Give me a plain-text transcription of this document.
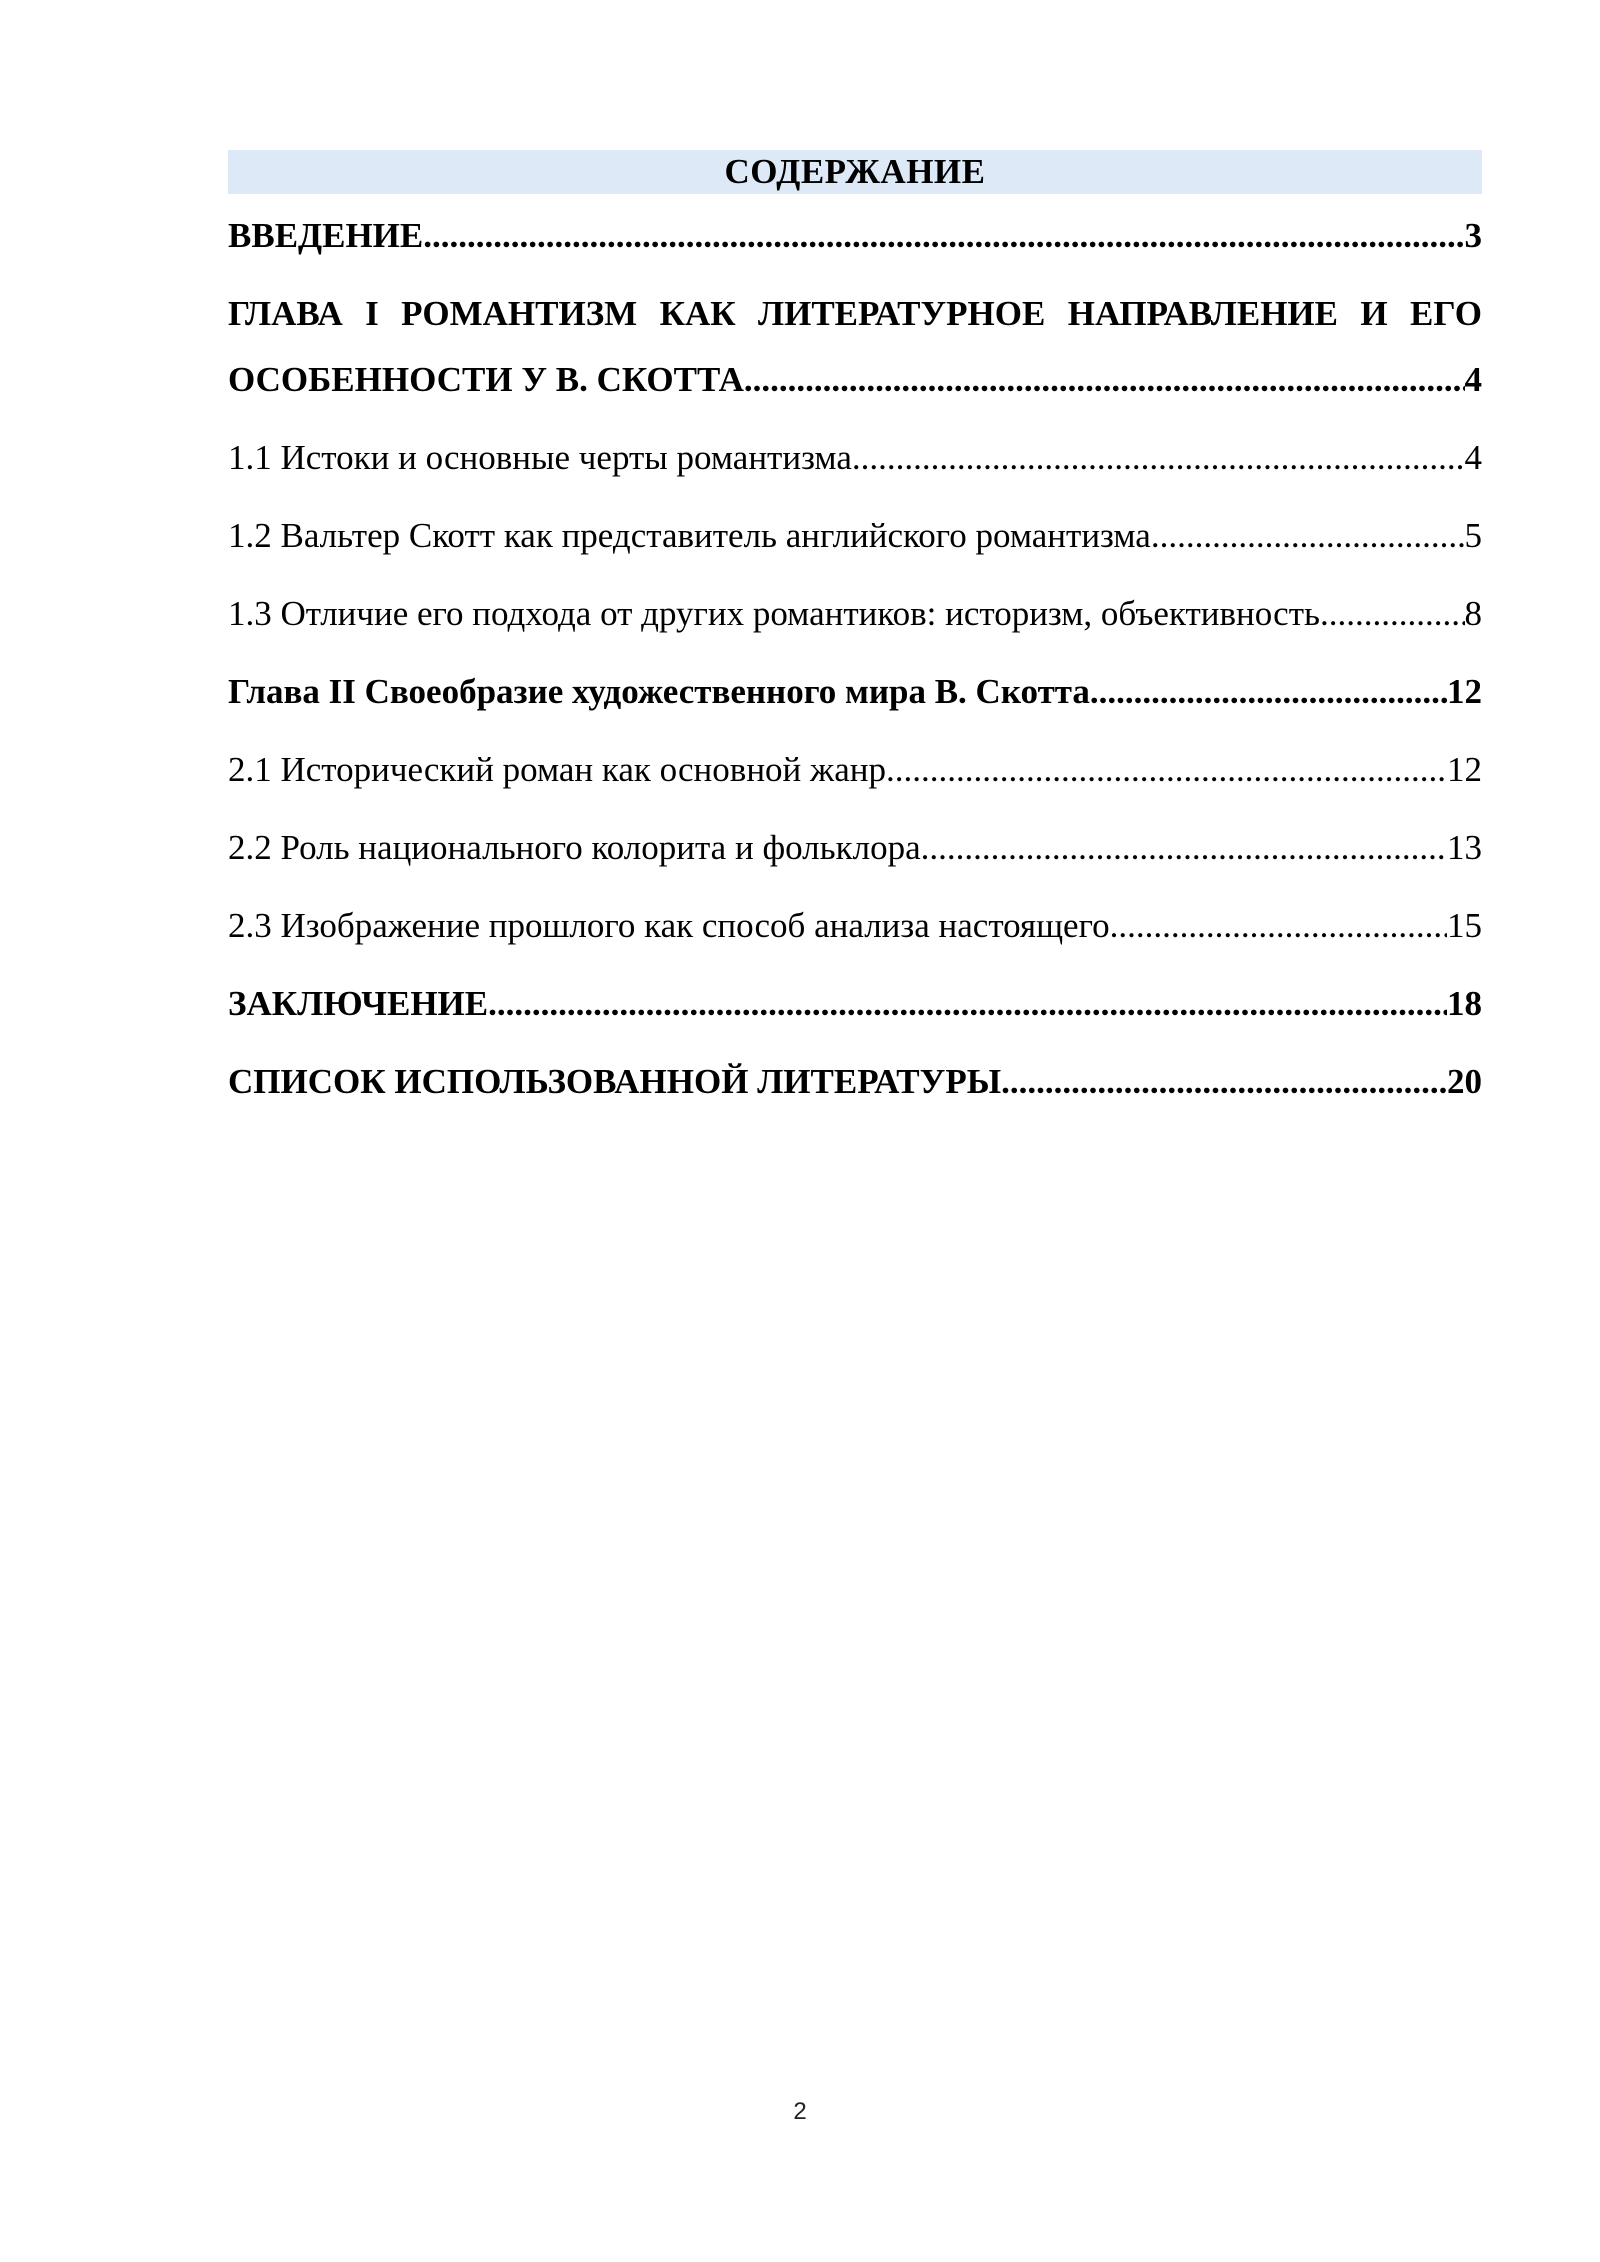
СОДЕРЖАНИЕ
ВВЕДЕНИЕ .....	3
ГЛАВА I РОМАНТИЗМ КАК ЛИТЕРАТУРНОЕ НАПРАВЛЕНИЕ И ЕГО
ОСОБЕННОСТИ У В. СКОТТА .....	4
1.1 Истоки и основные черты романтизма .....	4
1.2 Вальтер Скотт как представитель английского романтизма .....	5
1.3 Отличие его подхода от других романтиков: историзм, объективность .....	8
Глава II Своеобразие художественного мира В. Скотта .....	12
2.1 Исторический роман как основной жанр .....	12
2.2 Роль национального колорита и фольклора .....	13
2.3 Изображение прошлого как способ анализа настоящего .....	15
ЗАКЛЮЧЕНИЕ .....	18
СПИСОК ИСПОЛЬЗОВАННОЙ ЛИТЕРАТУРЫ .....	20
2
